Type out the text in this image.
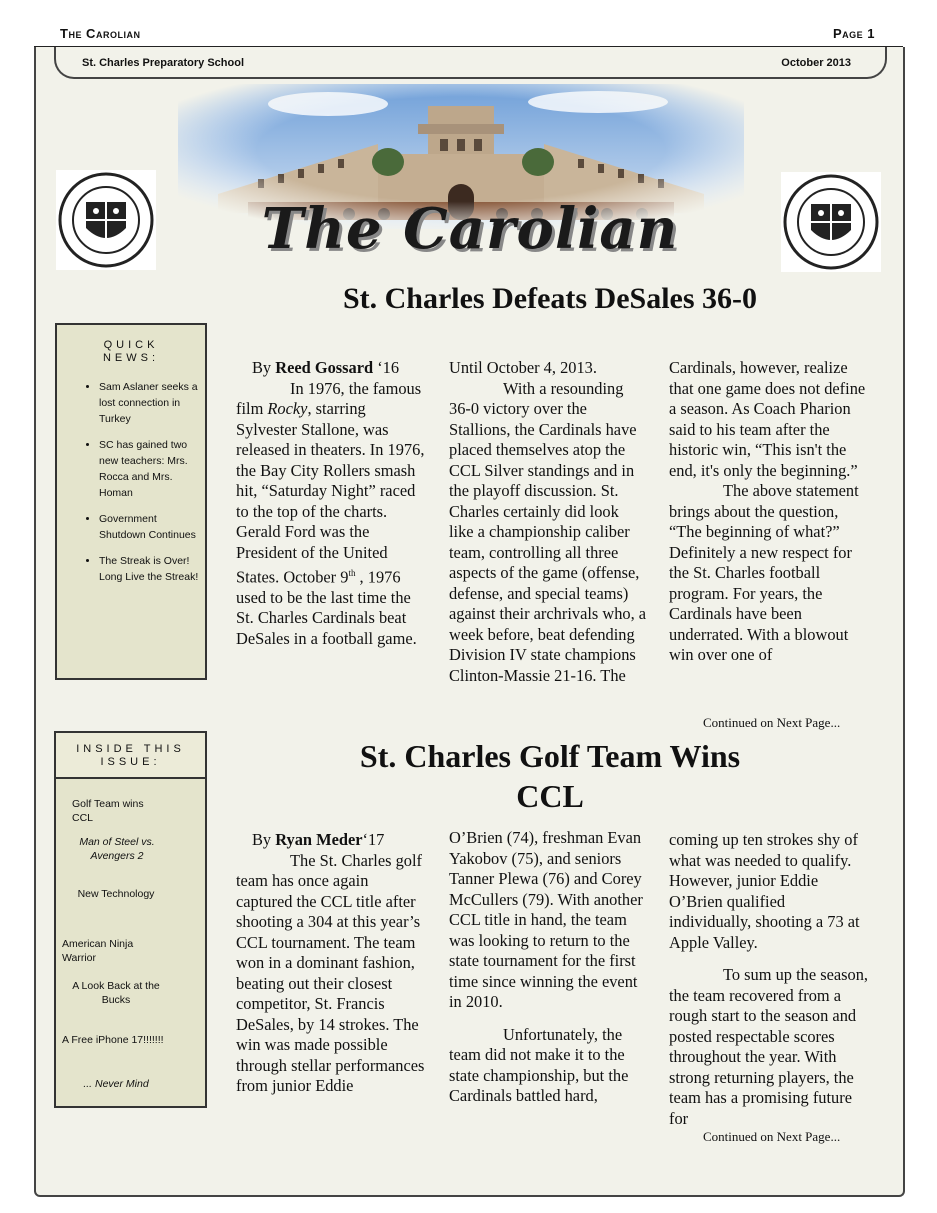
The Carolian	Page 1
St. Charles Preparatory School	October 2013
The Carolian
St. Charles Defeats DeSales 36-0

By Reed Gossard ‘16

In 1976, the famous film Rocky, starring Sylvester Stallone, was released in theaters. In 1976, the Bay City Rollers smash hit, “Saturday Night” raced to the top of the charts. Gerald Ford was the President of the United States. October 9th , 1976 used to be the last time the St. Charles Cardinals beat DeSales in a football game.

Until October 4, 2013.

With a resounding 36-0 victory over the Stallions, the Cardinals have placed themselves atop the CCL Silver standings and in the playoff discussion. St. Charles certainly did look like a championship caliber team, controlling all three aspects of the game (offense, defense, and special teams) against their archrivals who, a week before, beat defending Division IV state champions Clinton-Massie 21-16. The

Cardinals, however, realize that one game does not define a season. As Coach Pharion said to his team after the historic win, “This isn't the end, it's only the beginning.”

The above statement brings about the question, “The beginning of what?” Definitely a new respect for the St. Charles football program. For years, the Cardinals have been underrated. With a blowout win over one of

Continued on Next Page...
St. Charles Golf Team Wins
CCL

By Ryan Meder‘17

The St. Charles golf team has once again captured the CCL title after shooting a 304 at this year’s CCL tournament. The team won in a dominant fashion, beating out their closest competitor, St. Francis DeSales, by 14 strokes. The win was made possible through stellar performances from junior Eddie

O’Brien (74), freshman Evan Yakobov (75), and seniors Tanner Plewa (76) and Corey McCullers (79). With another CCL title in hand, the team was looking to return to the state tournament for the first time since winning the event in 2010.

Unfortunately, the team did not make it to the state championship, but the Cardinals battled hard,

coming up ten strokes shy of what was needed to qualify. However, junior Eddie O’Brien qualified individually, shooting a 73 at Apple Valley.

To sum up the season, the team recovered from a rough start to the season and posted respectable scores throughout the year. With strong returning players, the team has a promising future for

Continued on Next Page...
QUICK
NEWS:
• Sam Aslaner seeks a lost connection in Turkey
• SC has gained two new teachers: Mrs. Rocca and Mrs. Homan
• Government Shutdown Continues
• The Streak is Over! Long Live the Streak!
INSIDE THIS
ISSUE:
Golf Team wins CCL
Man of Steel vs. Avengers 2
New Technology
American Ninja Warrior
A Look Back at the Bucks
A Free iPhone 17!!!!!!!
... Never Mind
